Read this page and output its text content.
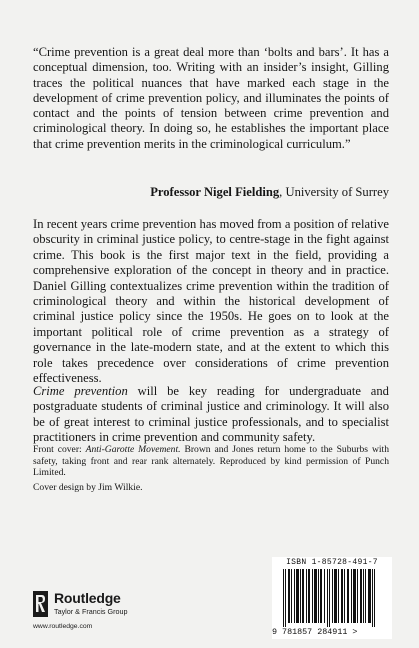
“Crime prevention is a great deal more than ‘bolts and bars’. It has a conceptual dimension, too. Writing with an insider’s insight, Gilling traces the political nuances that have marked each stage in the development of crime prevention policy, and illuminates the points of contact and the points of tension between crime prevention and criminological theory. In doing so, he establishes the important place that crime prevention merits in the criminological curriculum.”

Professor Nigel Fielding, University of Surrey

In recent years crime prevention has moved from a position of relative obscurity in criminal justice policy, to centre-stage in the fight against crime. This book is the first major text in the field, providing a comprehensive exploration of the concept in theory and in practice. Daniel Gilling contextualizes crime prevention within the tradition of criminological theory and within the historical development of criminal justice policy since the 1950s. He goes on to look at the important political role of crime prevention as a strategy of governance in the late-modern state, and at the extent to which this role takes precedence over considerations of crime prevention effectiveness.

Crime prevention will be key reading for undergraduate and postgraduate students of criminal justice and criminology. It will also be of great interest to criminal justice professionals, and to specialist practitioners in crime prevention and community safety.

Front cover: Anti-Garotte Movement. Brown and Jones return home to the Suburbs with safety, taking front and rear rank alternately. Reproduced by kind permission of Punch Limited.

Cover design by Jim Wilkie.

Routledge
Taylor & Francis Group
www.routledge.com
ISBN 1-85728-491-7
9 781857 284911 >
